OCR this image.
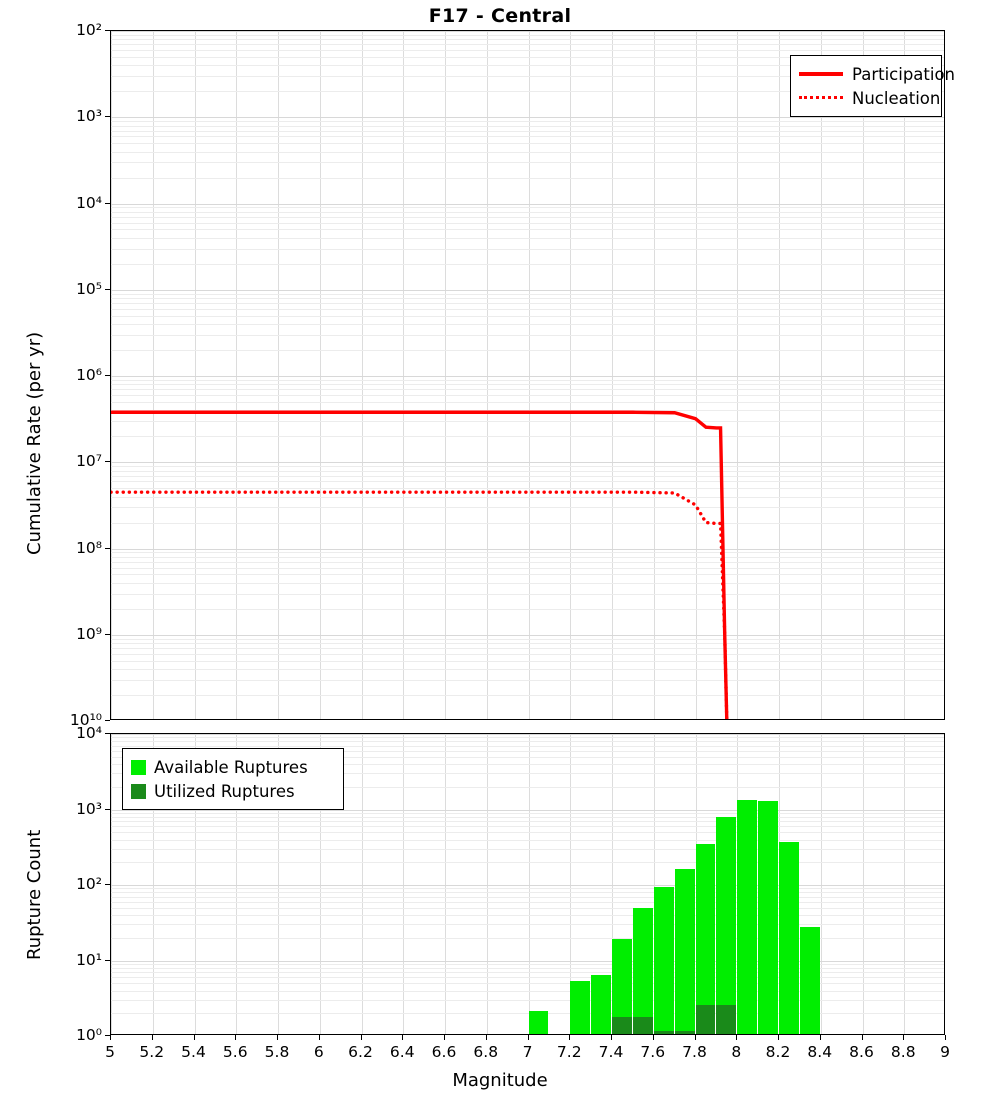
F17 - Central
10²
10³
10⁴
10⁵
10⁶
10⁷
10⁸
10⁹
10¹⁰
Cumulative Rate (per yr)
Participation
Nucleation
10⁴
10³
10²
10¹
10⁰
Rupture Count
Available Ruptures
Utilized Ruptures
5 5.2 5.4 5.6 5.8 6 6.2 6.4 6.6 6.8 7 7.2 7.4 7.6 7.8 8 8.2 8.4 8.6 8.8 9
Magnitude
